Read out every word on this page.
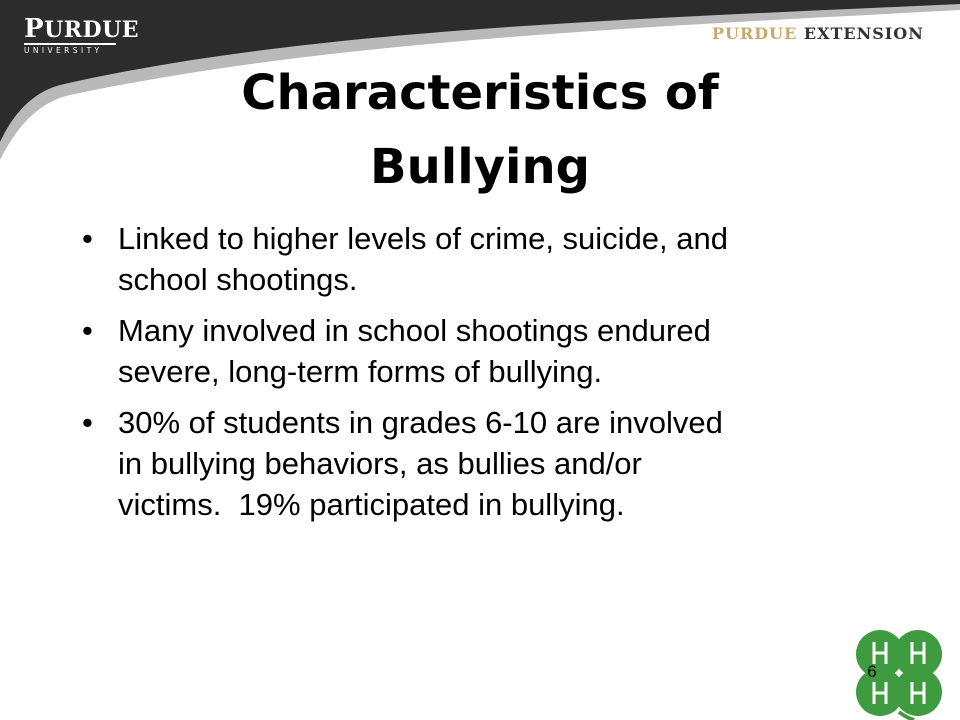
PURDUE
UNIVERSITY
PURDUE EXTENSION
Characteristics of
Bullying
• Linked to higher levels of crime, suicide, and
school shootings.
• Many involved in school shootings endured
severe, long-term forms of bullying.
• 30% of students in grades 6-10 are involved
in bullying behaviors, as bullies and/or
victims.  19% participated in bullying.
6
